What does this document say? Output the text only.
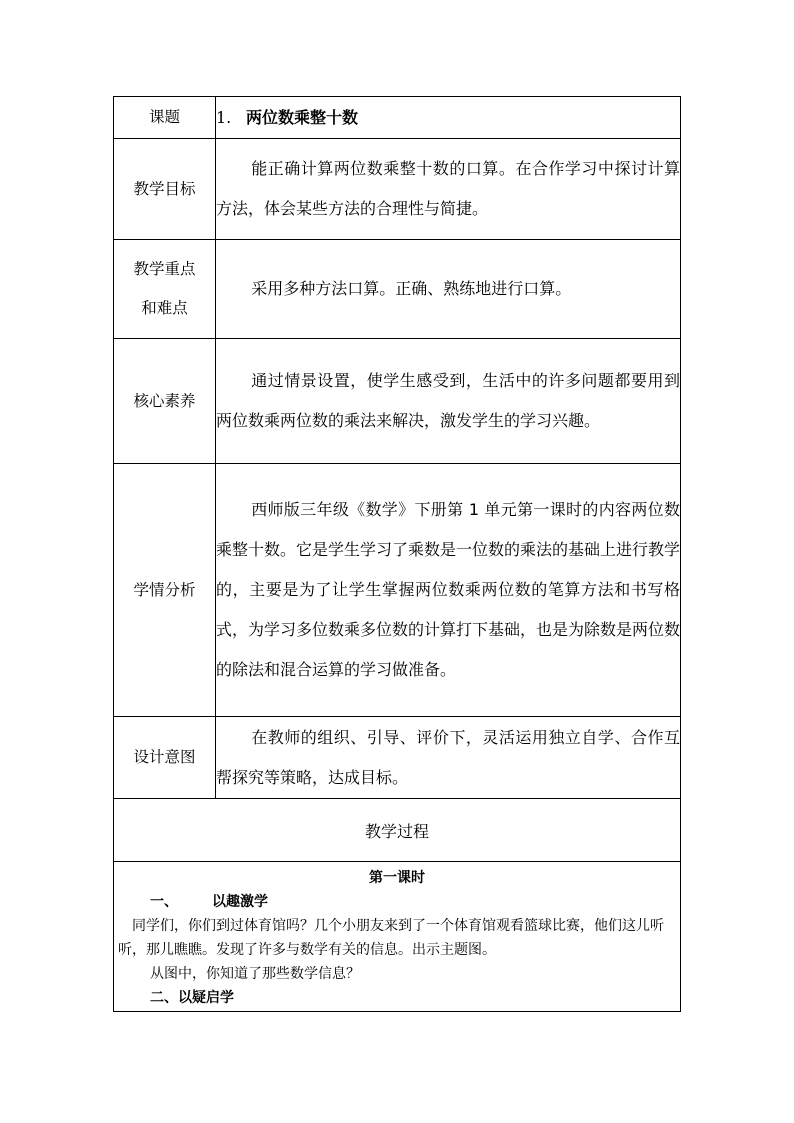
课题	1. 两位数乘整十数
教学目标	能正确计算两位数乘整十数的口算。在合作学习中探讨计算方法，体会某些方法的合理性与简捷。

教学重点
和难点	采用多种方法口算。正确、熟练地进行口算。

核心素养	通过情景设置，使学生感受到，生活中的许多问题都要用到两位数乘两位数的乘法来解决，激发学生的学习兴趣。

学情分析	西师版三年级《数学》下册第 1 单元第一课时的内容两位数乘整十数。它是学生学习了乘数是一位数的乘法的基础上进行教学的，主要是为了让学生掌握两位数乘两位数的笔算方法和书写格式，为学习多位数乘多位数的计算打下基础，也是为除数是两位数的除法和混合运算的学习做准备。

设计意图	在教师的组织、引导、评价下，灵活运用独立自学、合作互帮探究等策略，达成目标。

教学过程	

第一课时
一、 以趣激学

同学们，你们到过体育馆吗？几个小朋友来到了一个体育馆观看篮球比赛，他们这儿听听，那儿瞧瞧。发现了许多与数学有关的信息。出示主题图。

从图中，你知道了那些数学信息？

二、以疑启学	
